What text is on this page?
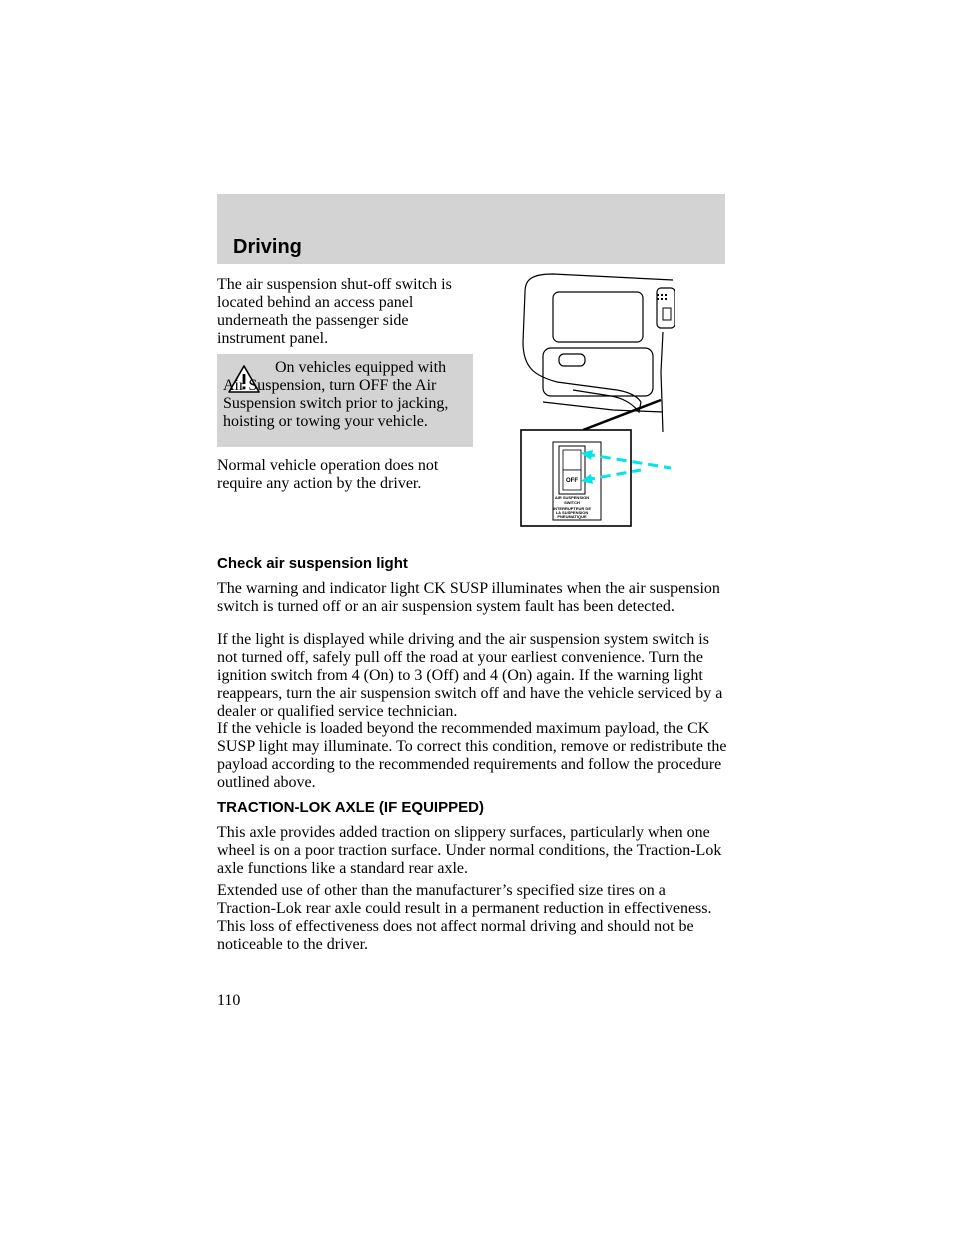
Driving

The air suspension shut-off switch is located behind an access panel underneath the passenger side instrument panel.

On vehicles equipped with Air Suspension, turn OFF the Air Suspension switch prior to jacking, hoisting or towing your vehicle.

Normal vehicle operation does not require any action by the driver.	OFF
AIR SUSPENSION
SWITCH
INTERRUPTEUR DE
LA SUSPENSION
PNEUMATIQUE
Check air suspension light

The warning and indicator light CK SUSP illuminates when the air suspension switch is turned off or an air suspension system fault has been detected.

If the light is displayed while driving and the air suspension system switch is not turned off, safely pull off the road at your earliest convenience. Turn the ignition switch from 4 (On) to 3 (Off) and 4 (On) again. If the warning light reappears, turn the air suspension switch off and have the vehicle serviced by a dealer or qualified service technician.

If the vehicle is loaded beyond the recommended maximum payload, the CK SUSP light may illuminate. To correct this condition, remove or redistribute the payload according to the recommended requirements and follow the procedure outlined above.

TRACTION-LOK AXLE (IF EQUIPPED)

This axle provides added traction on slippery surfaces, particularly when one wheel is on a poor traction surface. Under normal conditions, the Traction-Lok axle functions like a standard rear axle.

Extended use of other than the manufacturer’s specified size tires on a Traction-Lok rear axle could result in a permanent reduction in effectiveness. This loss of effectiveness does not affect normal driving and should not be noticeable to the driver.

110
